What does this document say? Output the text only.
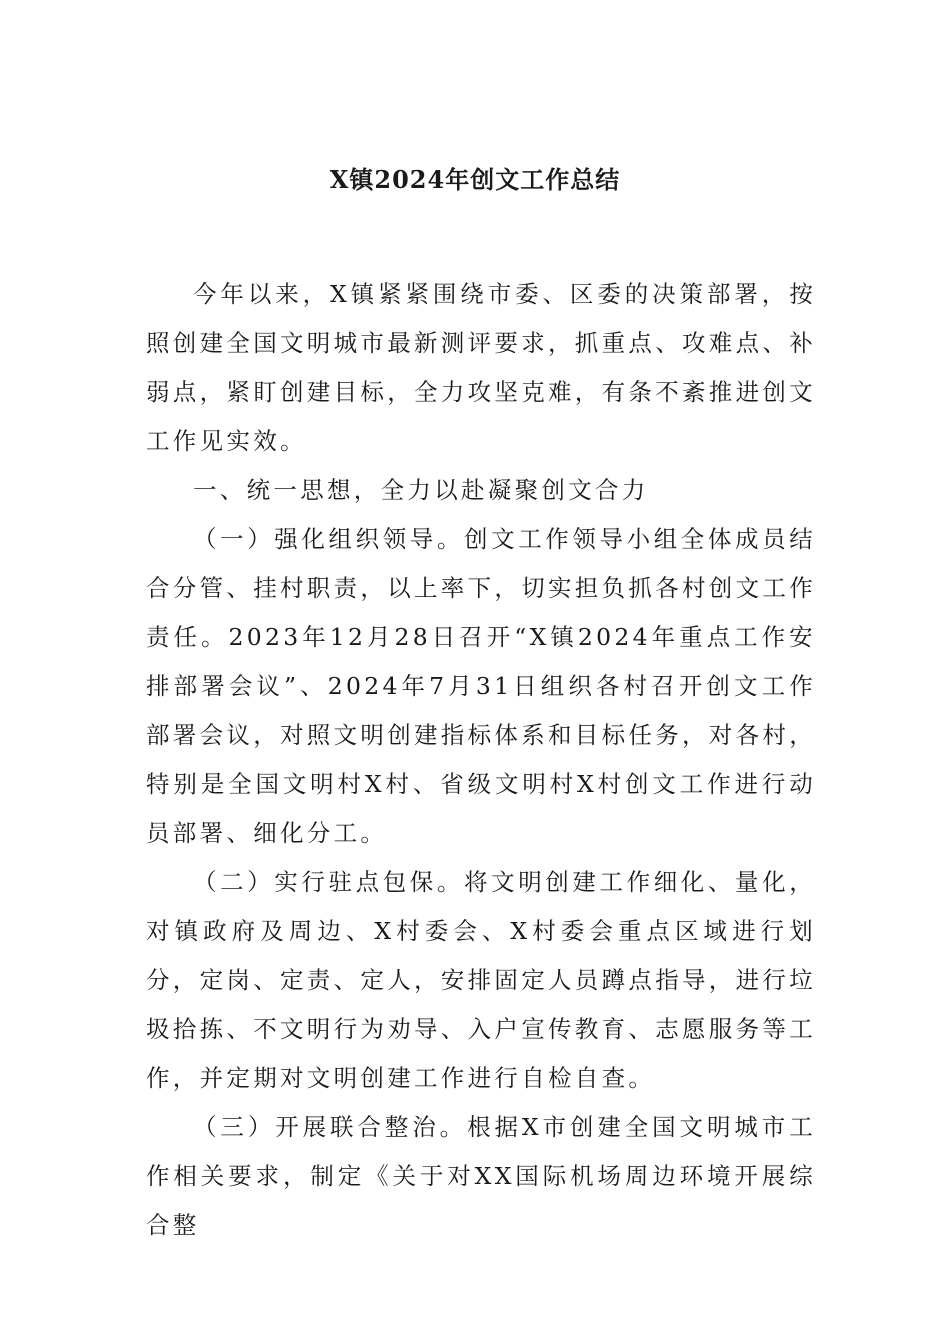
X镇2024年创文工作总结

今年以来，X镇紧紧围绕市委、区委的决策部署，按照创建全国文明城市最新测评要求，抓重点、攻难点、补弱点，紧盯创建目标，全力攻坚克难，有条不紊推进创文工作见实效。

一、统一思想，全力以赴凝聚创文合力

（一）强化组织领导。创文工作领导小组全体成员结合分管、挂村职责，以上率下，切实担负抓各村创文工作责任。2023年12月28日召开“X镇2024年重点工作安排部署会议”、2024年7月31日组织各村召开创文工作部署会议，对照文明创建指标体系和目标任务，对各村，特别是全国文明村X村、省级文明村X村创文工作进行动员部署、细化分工。

（二）实行驻点包保。将文明创建工作细化、量化，对镇政府及周边、X村委会、X村委会重点区域进行划分，定岗、定责、定人，安排固定人员蹲点指导，进行垃圾拾拣、不文明行为劝导、入户宣传教育、志愿服务等工作，并定期对文明创建工作进行自检自查。

（三）开展联合整治。根据X市创建全国文明城市工作相关要求，制定《关于对XX国际机场周边环境开展综合整
